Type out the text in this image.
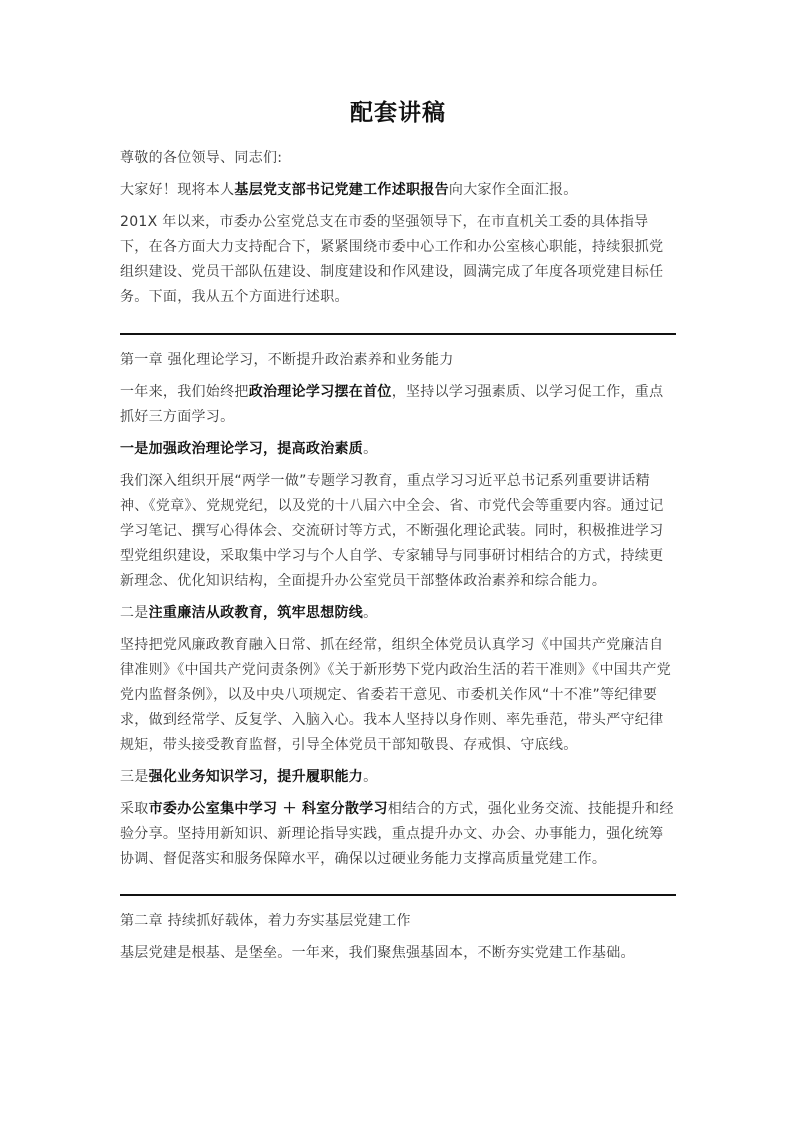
配套讲稿

尊敬的各位领导、同志们:

大家好！现将本人基层党支部书记党建工作述职报告向大家作全面汇报。

201X 年以来，市委办公室党总支在市委的坚强领导下，在市直机关工委的具体指导下，在各方面大力支持配合下，紧紧围绕市委中心工作和办公室核心职能，持续狠抓党组织建设、党员干部队伍建设、制度建设和作风建设，圆满完成了年度各项党建目标任务。下面，我从五个方面进行述职。

第一章 强化理论学习，不断提升政治素养和业务能力

一年来，我们始终把政治理论学习摆在首位，坚持以学习强素质、以学习促工作，重点抓好三方面学习。

一是加强政治理论学习，提高政治素质。

我们深入组织开展“两学一做”专题学习教育，重点学习习近平总书记系列重要讲话精神、《党章》、党规党纪，以及党的十八届六中全会、省、市党代会等重要内容。通过记学习笔记、撰写心得体会、交流研讨等方式，不断强化理论武装。同时，积极推进学习型党组织建设，采取集中学习与个人自学、专家辅导与同事研讨相结合的方式，持续更新理念、优化知识结构，全面提升办公室党员干部整体政治素养和综合能力。

二是注重廉洁从政教育，筑牢思想防线。

坚持把党风廉政教育融入日常、抓在经常，组织全体党员认真学习《中国共产党廉洁自律准则》《中国共产党问责条例》《关于新形势下党内政治生活的若干准则》《中国共产党党内监督条例》，以及中央八项规定、省委若干意见、市委机关作风“十不准”等纪律要求，做到经常学、反复学、入脑入心。我本人坚持以身作则、率先垂范，带头严守纪律规矩，带头接受教育监督，引导全体党员干部知敬畏、存戒惧、守底线。

三是强化业务知识学习，提升履职能力。

采取市委办公室集中学习 ＋ 科室分散学习相结合的方式，强化业务交流、技能提升和经验分享。坚持用新知识、新理论指导实践，重点提升办文、办会、办事能力，强化统筹协调、督促落实和服务保障水平，确保以过硬业务能力支撑高质量党建工作。

第二章 持续抓好载体，着力夯实基层党建工作

基层党建是根基、是堡垒。一年来，我们聚焦强基固本，不断夯实党建工作基础。
